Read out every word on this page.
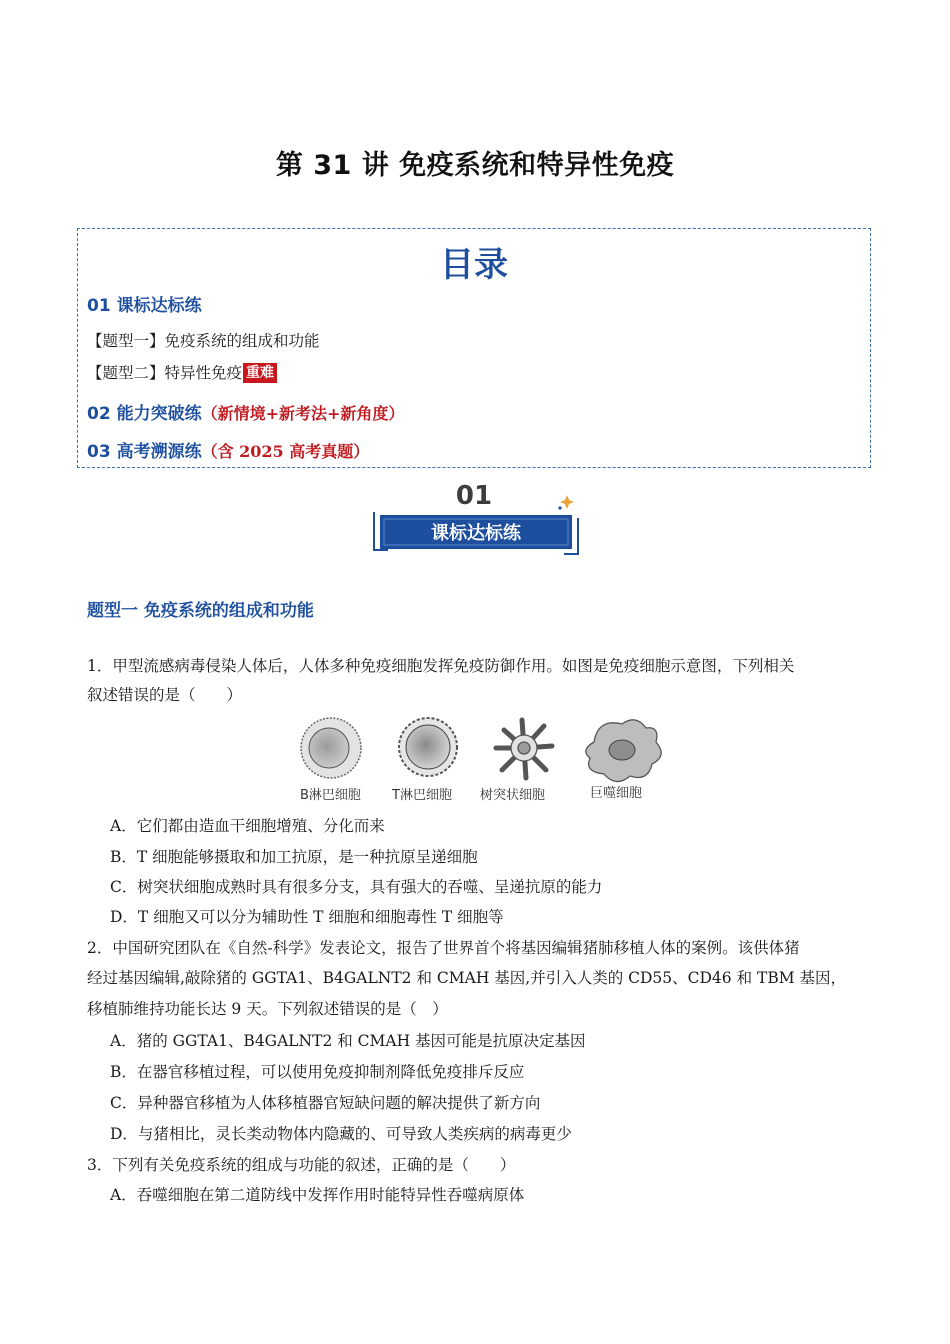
第 31 讲 免疫系统和特异性免疫
目录
01 课标达标练
【题型一】免疫系统的组成和功能
【题型二】特异性免疫 重难
02 能力突破练（新情境+新考法+新角度）
03 高考溯源练（含 2025 高考真题）
01
课标达标练
题型一 免疫系统的组成和功能
1．甲型流感病毒侵染人体后，人体多种免疫细胞发挥免疫防御作用。如图是免疫细胞示意图，下列相关
叙述错误的是（　　）
B淋巴细胞 T淋巴细胞 树突状细胞	巨噬细胞
A．它们都由造血干细胞增殖、分化而来
B．T 细胞能够摄取和加工抗原，是一种抗原呈递细胞
C．树突状细胞成熟时具有很多分支，具有强大的吞噬、呈递抗原的能力
D．T 细胞又可以分为辅助性 T 细胞和细胞毒性 T 细胞等
2．中国研究团队在《自然-科学》发表论文，报告了世界首个将基因编辑猪肺移植人体的案例。该供体猪
经过基因编辑,敲除猪的 GGTA1、B4GALNT2 和 CMAH 基因,并引入人类的 CD55、CD46 和 TBM 基因，
移植肺维持功能长达 9 天。下列叙述错误的是（　）
A．猪的 GGTA1、B4GALNT2 和 CMAH 基因可能是抗原决定基因
B．在器官移植过程，可以使用免疫抑制剂降低免疫排斥反应
C．异种器官移植为人体移植器官短缺问题的解决提供了新方向
D．与猪相比，灵长类动物体内隐藏的、可导致人类疾病的病毒更少
3．下列有关免疫系统的组成与功能的叙述，正确的是（　　）
A．吞噬细胞在第二道防线中发挥作用时能特异性吞噬病原体
